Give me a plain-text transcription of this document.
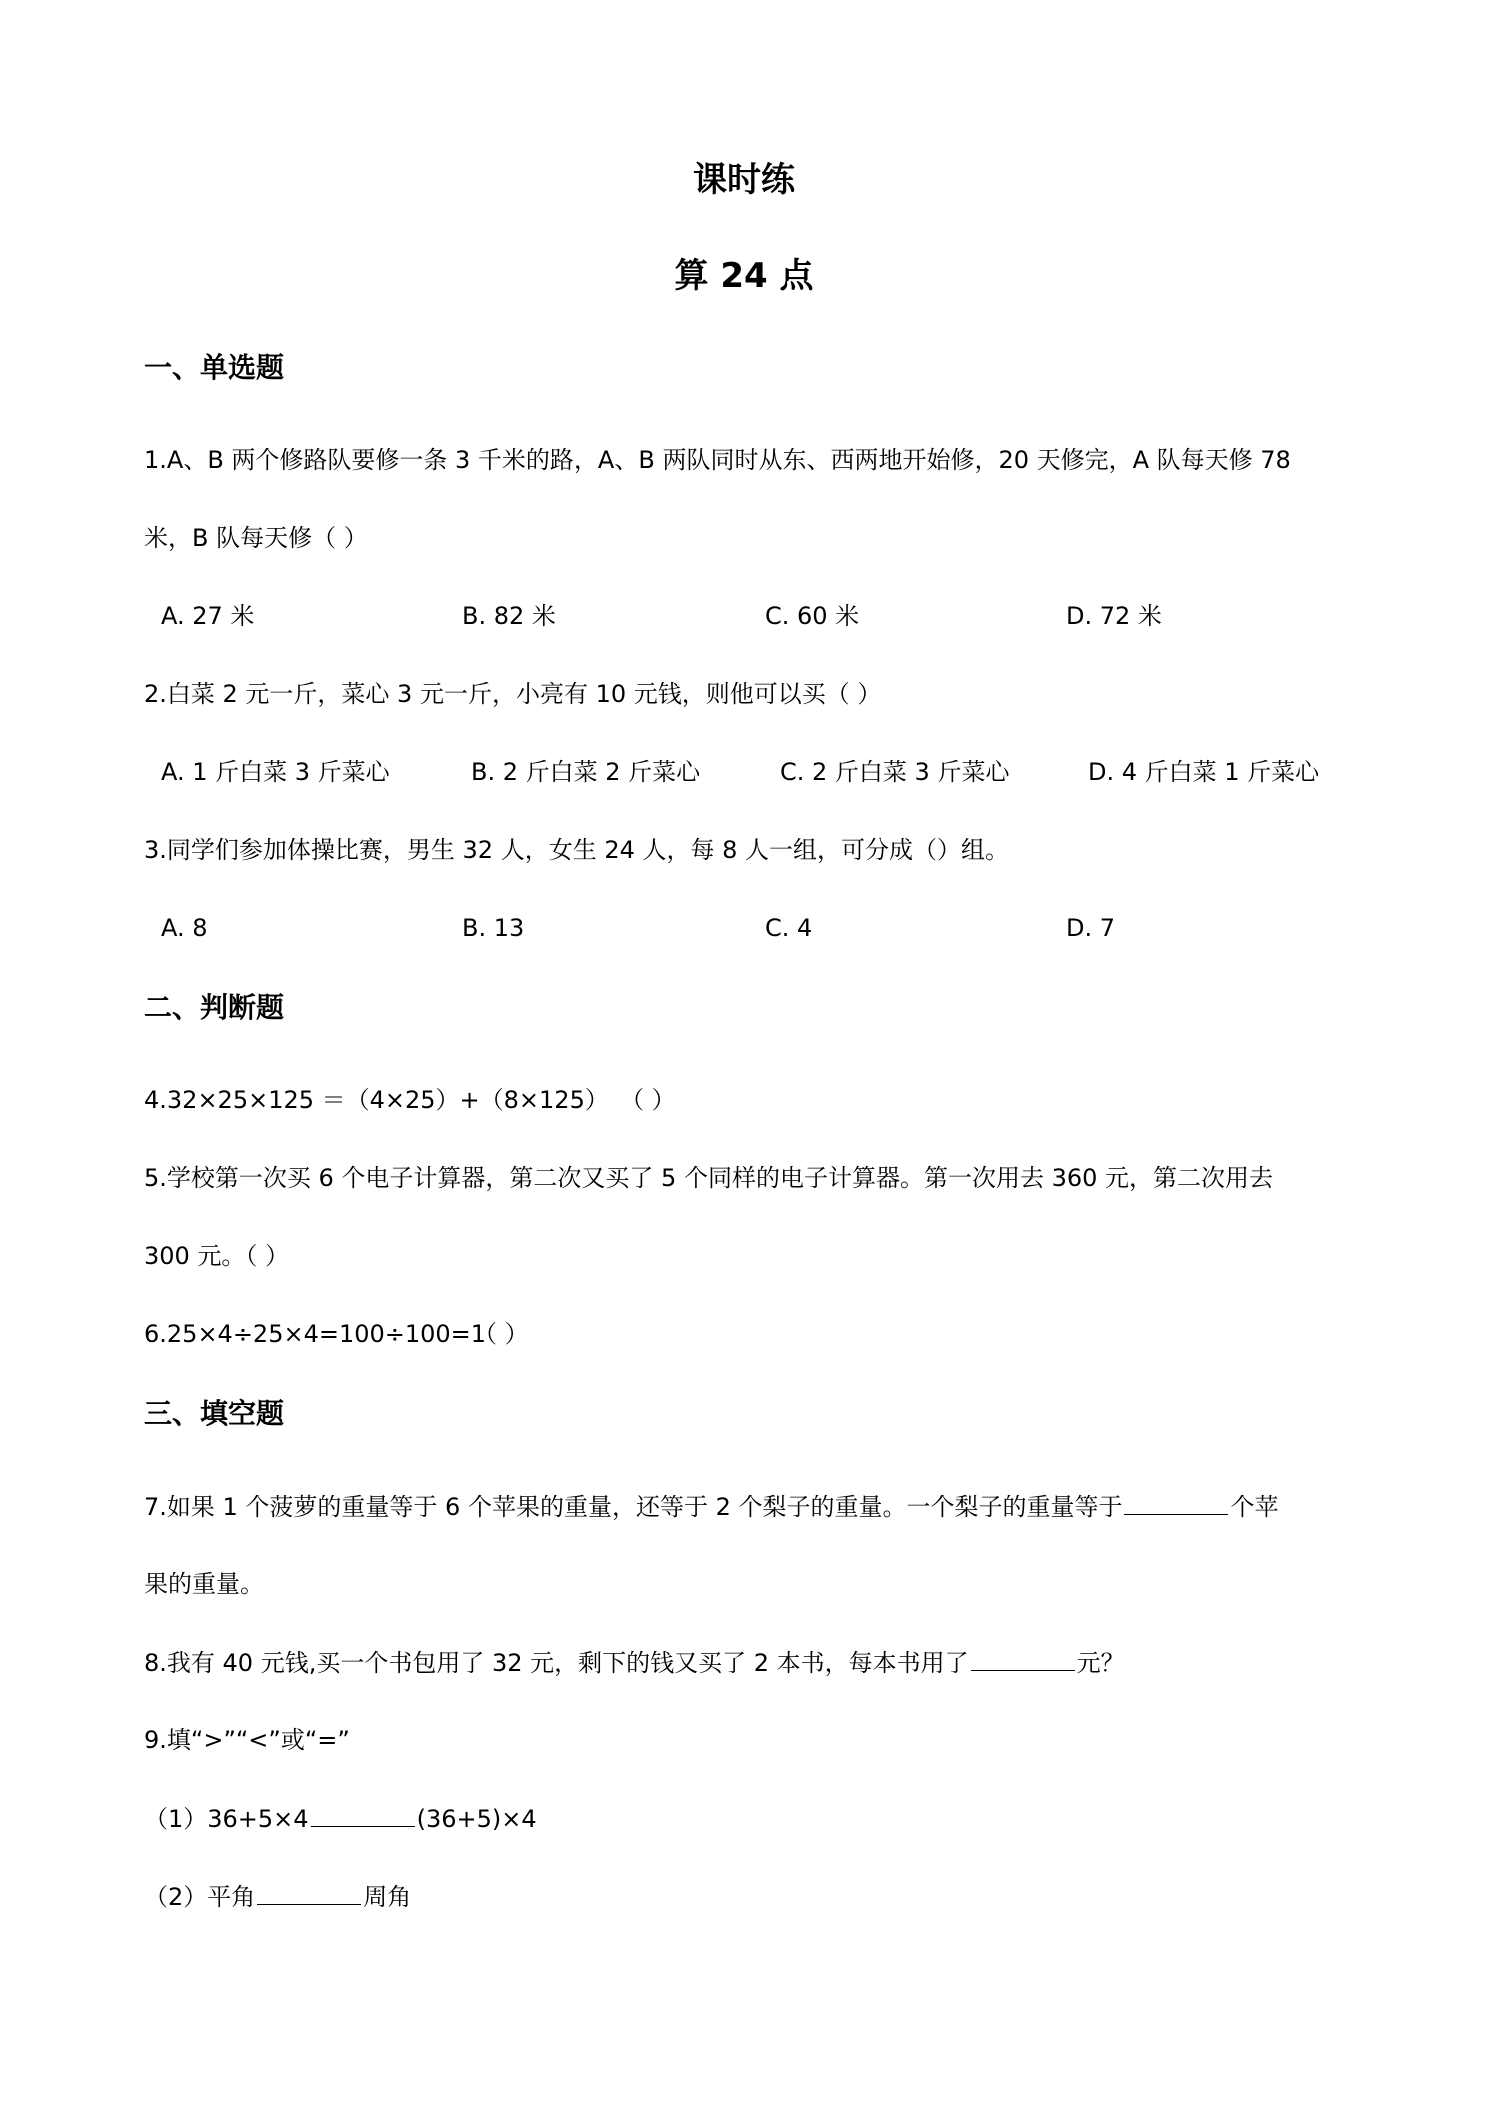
课时练
算 24 点
一、单选题
1.A、B 两个修路队要修一条 3 千米的路，A、B 两队同时从东、西两地开始修，20 天修完，A 队每天修 78
米，B 队每天修（ ）
A. 27 米	B. 82 米	C. 60 米	D. 72 米
2.白菜 2 元一斤，菜心 3 元一斤，小亮有 10 元钱，则他可以买（ ）
A. 1 斤白菜 3 斤菜心	B. 2 斤白菜 2 斤菜心	C. 2 斤白菜 3 斤菜心	D. 4 斤白菜 1 斤菜心
3.同学们参加体操比赛，男生 32 人，女生 24 人，每 8 人一组，可分成（）组。
A. 8	B. 13	C. 4	D. 7
二、判断题
4.32×25×125 ＝（4×25）+（8×125） （ ）
5.学校第一次买 6 个电子计算器，第二次又买了 5 个同样的电子计算器。第一次用去 360 元，第二次用去
300 元。（ ）
6.25×4÷25×4=100÷100=1
（ ）
三、填空题
7.如果 1 个菠萝的重量等于 6 个苹果的重量，还等于 2 个梨子的重量。一个梨子的重量等于	个苹
果的重量。
8.我有 40 元钱,买一个书包用了 32 元，剩下的钱又买了 2 本书，每本书用了	元？
9.填“>”“<”或“=”
（1）36+5×4	(36+5)×4
（2）平角	周角
